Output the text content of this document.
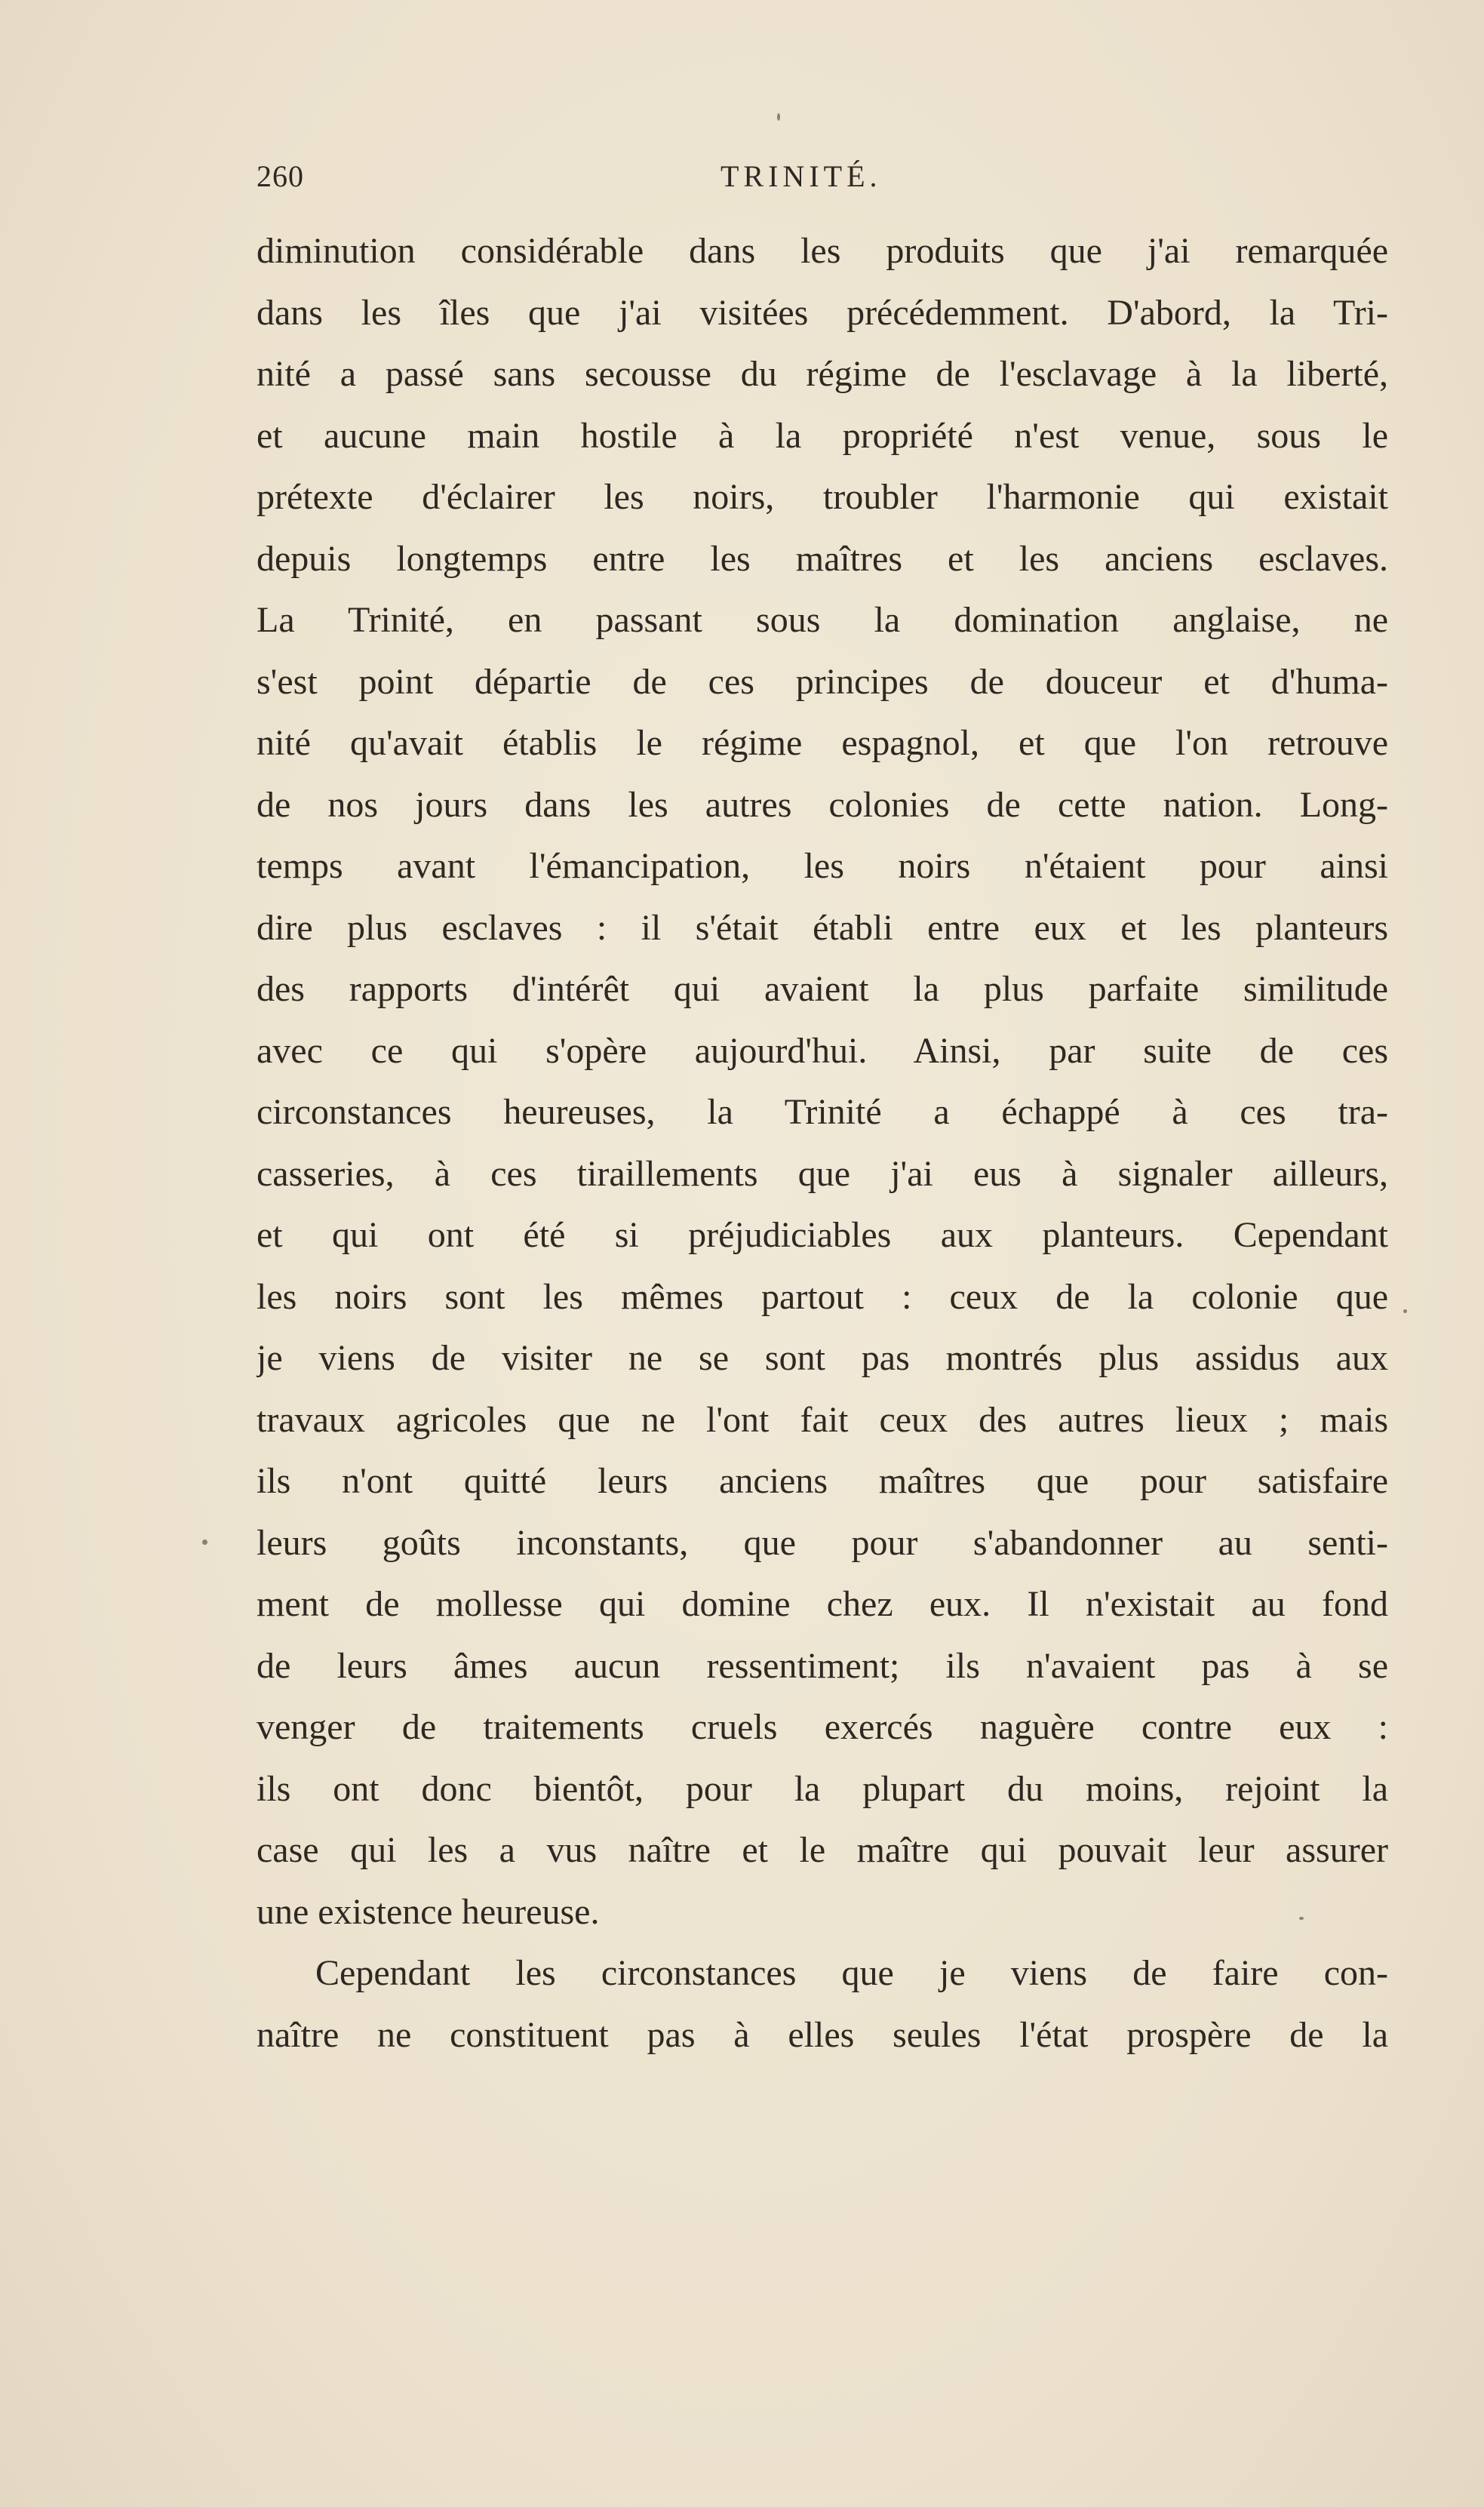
260	TRINITÉ.
diminution considérable dans les produits que j'ai remarquée
dans les îles que j'ai visitées précédemment. D'abord, la Tri-
nité a passé sans secousse du régime de l'esclavage à la liberté,
et aucune main hostile à la propriété n'est venue, sous le
prétexte d'éclairer les noirs, troubler l'harmonie qui existait
depuis longtemps entre les maîtres et les anciens esclaves.
La Trinité, en passant sous la domination anglaise, ne
s'est point départie de ces principes de douceur et d'huma-
nité qu'avait établis le régime espagnol, et que l'on retrouve
de nos jours dans les autres colonies de cette nation. Long-
temps avant l'émancipation, les noirs n'étaient pour ainsi
dire plus esclaves : il s'était établi entre eux et les planteurs
des rapports d'intérêt qui avaient la plus parfaite similitude
avec ce qui s'opère aujourd'hui. Ainsi, par suite de ces
circonstances heureuses, la Trinité a échappé à ces tra-
casseries, à ces tiraillements que j'ai eus à signaler ailleurs,
et qui ont été si préjudiciables aux planteurs. Cependant
les noirs sont les mêmes partout : ceux de la colonie que
je viens de visiter ne se sont pas montrés plus assidus aux
travaux agricoles que ne l'ont fait ceux des autres lieux ; mais
ils n'ont quitté leurs anciens maîtres que pour satisfaire
leurs goûts inconstants, que pour s'abandonner au senti-
ment de mollesse qui domine chez eux. Il n'existait au fond
de leurs âmes aucun ressentiment; ils n'avaient pas à se
venger de traitements cruels exercés naguère contre eux :
ils ont donc bientôt, pour la plupart du moins, rejoint la
case qui les a vus naître et le maître qui pouvait leur assurer
une existence heureuse.
Cependant les circonstances que je viens de faire con-
naître ne constituent pas à elles seules l'état prospère de la
